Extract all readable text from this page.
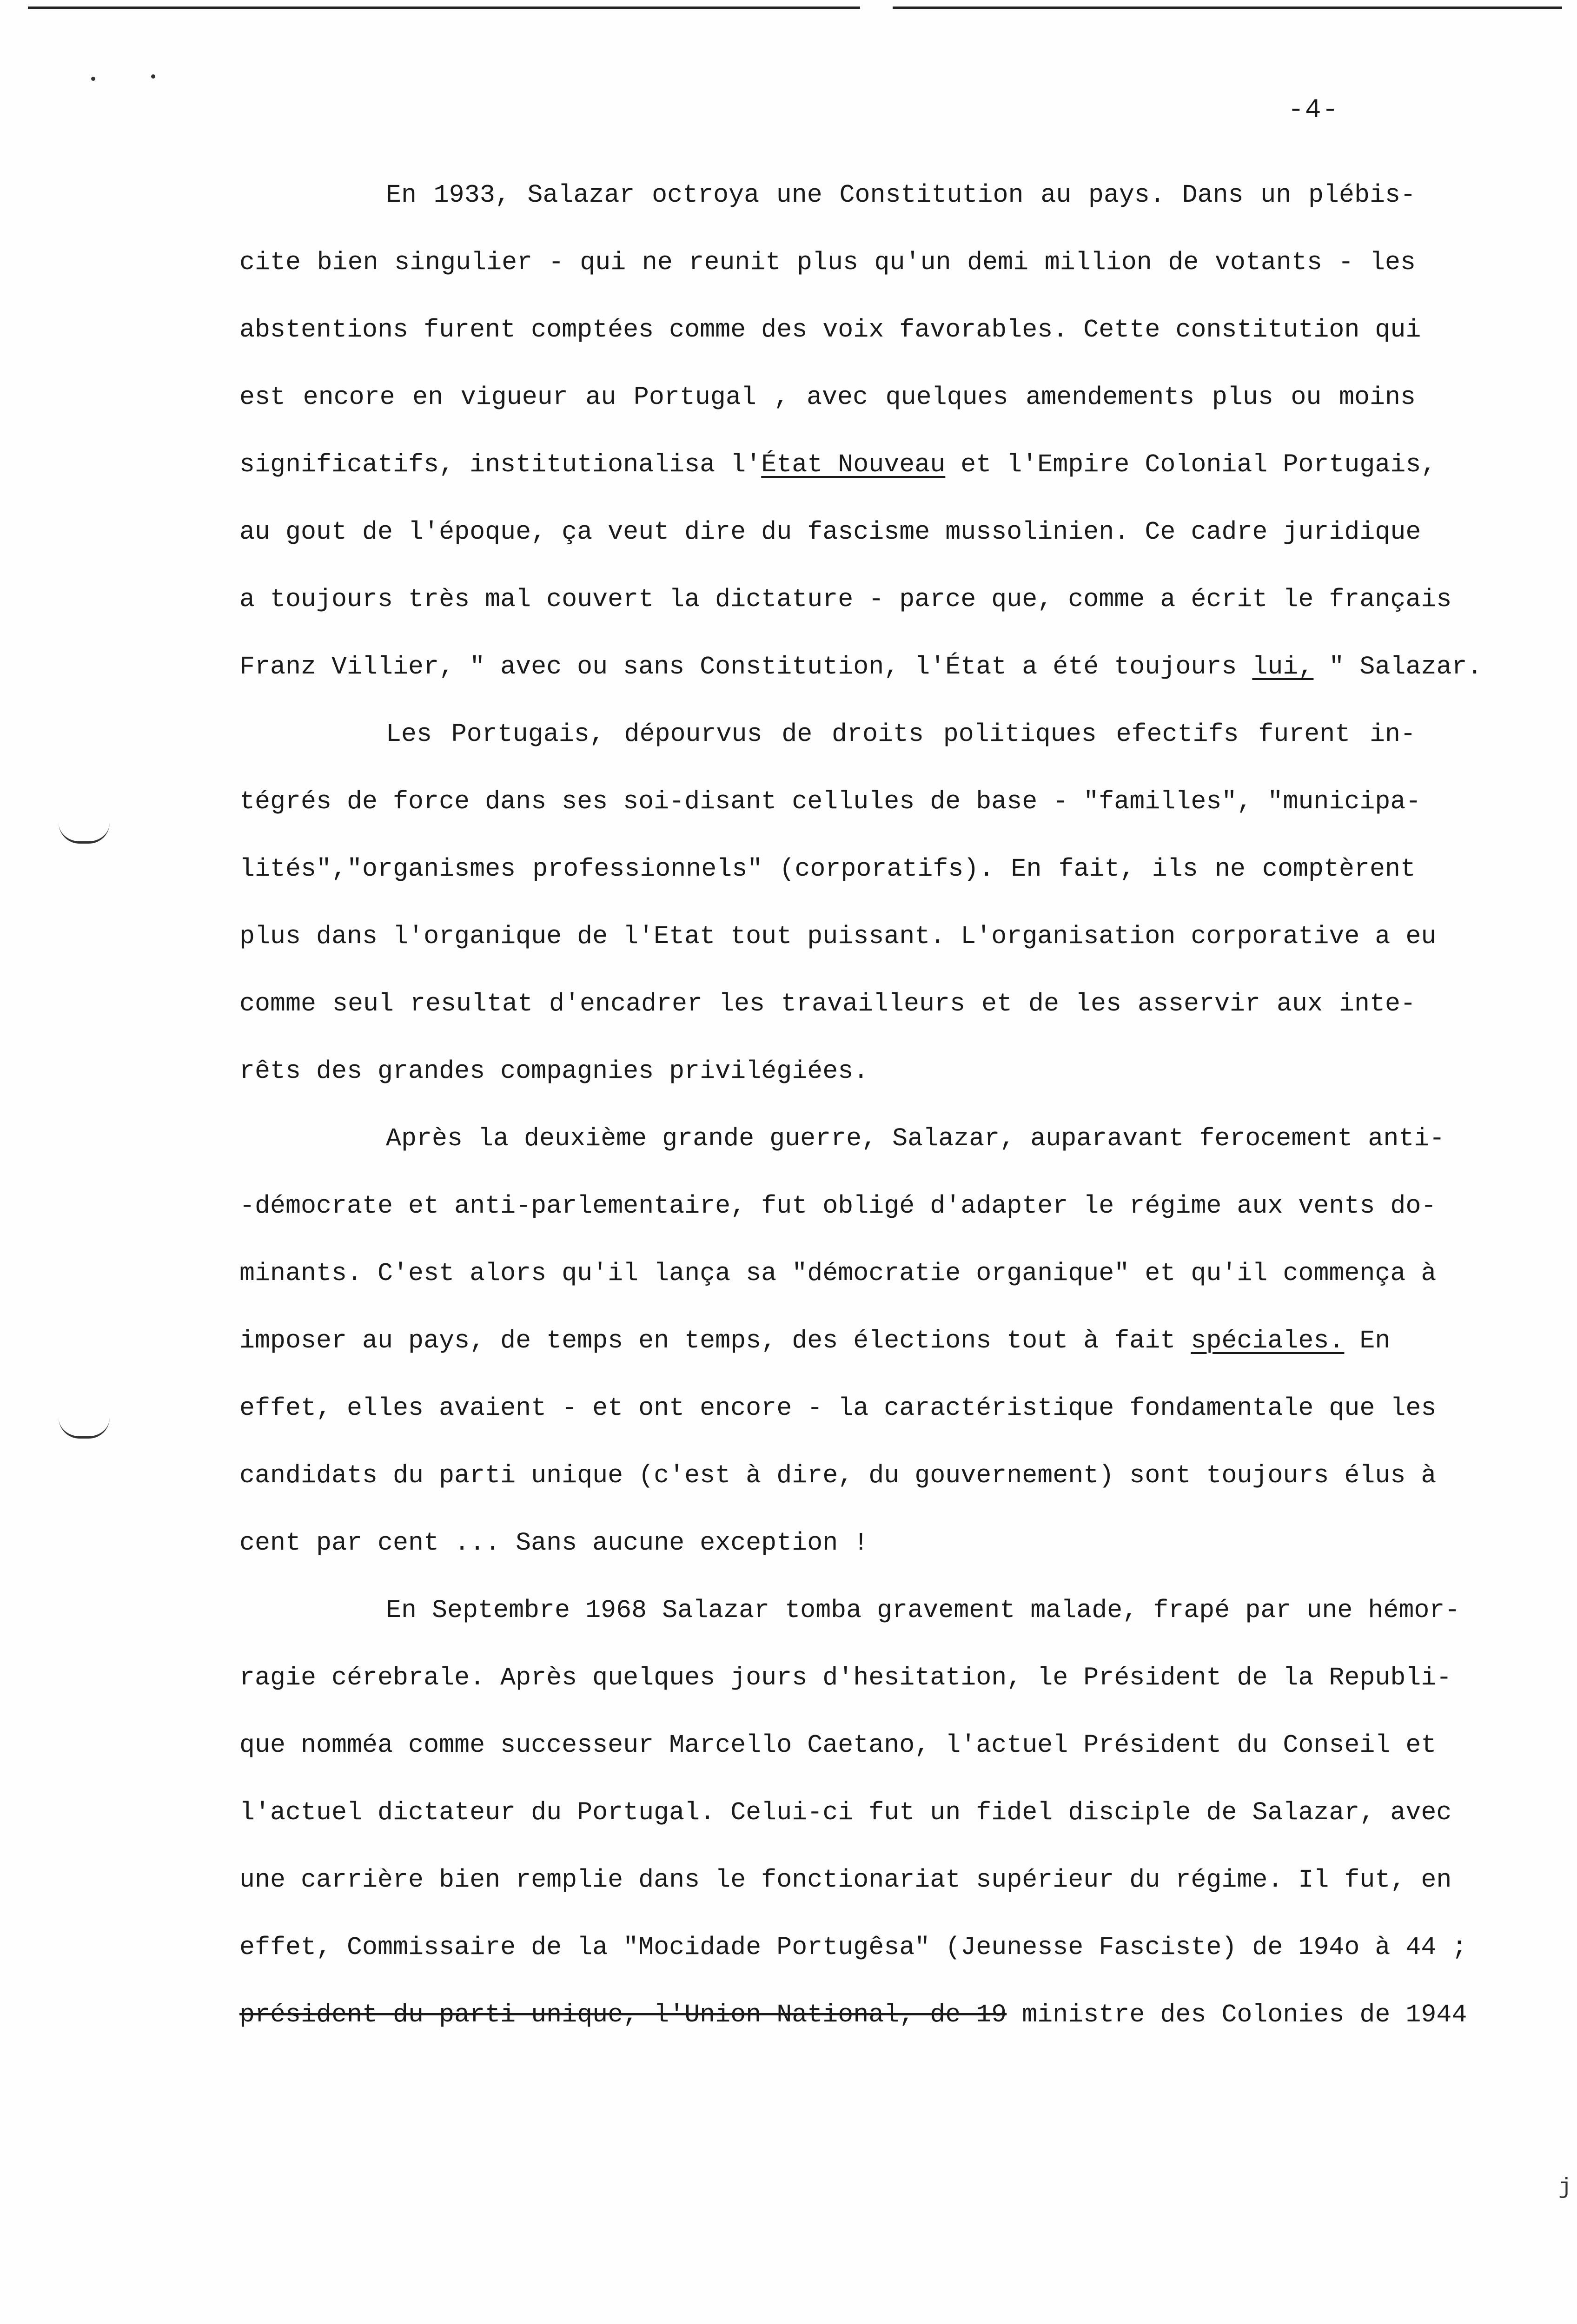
j
-4-
En 1933, Salazar octroya une Constitution au pays. Dans un plébis-
cite bien singulier - qui ne reunit plus qu'un demi million de votants - les
abstentions furent comptées comme des voix favorables. Cette constitution qui
est encore en vigueur au Portugal , avec quelques amendements plus ou moins
significatifs, institutionalisa l'État Nouveau et l'Empire Colonial Portugais,
au gout de l'époque, ça veut dire du fascisme mussolinien. Ce cadre juridique
a toujours très mal couvert la dictature - parce que, comme a écrit le français
Franz Villier, " avec ou sans Constitution, l'État a été toujours lui, " Salazar.
Les Portugais, dépourvus de droits politiques efectifs furent in-
tégrés de force dans ses soi-disant cellules de base - "familles", "municipa-
lités","organismes professionnels" (corporatifs). En fait, ils ne comptèrent
plus dans l'organique de l'Etat tout puissant. L'organisation corporative a eu
comme seul resultat d'encadrer les travailleurs et de les asservir aux inte-
rêts des grandes compagnies privilégiées.
Après la deuxième grande guerre, Salazar, auparavant ferocement anti-
-démocrate et anti-parlementaire, fut obligé d'adapter le régime aux vents do-
minants. C'est alors qu'il lança sa "démocratie organique" et qu'il commença à
imposer au pays, de temps en temps, des élections tout à fait spéciales. En
effet, elles avaient - et ont encore - la caractéristique fondamentale que les
candidats du parti unique (c'est à dire, du gouvernement) sont toujours élus à
cent par cent ... Sans aucune exception !
En Septembre 1968 Salazar tomba gravement malade, frapé par une hémor-
ragie cérebrale. Après quelques jours d'hesitation, le Président de la Republi-
que nomméa comme successeur Marcello Caetano, l'actuel Président du Conseil et
l'actuel dictateur du Portugal. Celui-ci fut un fidel disciple de Salazar, avec
une carrière bien remplie dans le fonctionariat supérieur du régime. Il fut, en
effet, Commissaire de la "Mocidade Portugêsa" (Jeunesse Fasciste) de 194o à 44 ;
président du parti unique, l'Union National, de 19 ministre des Colonies de 1944
